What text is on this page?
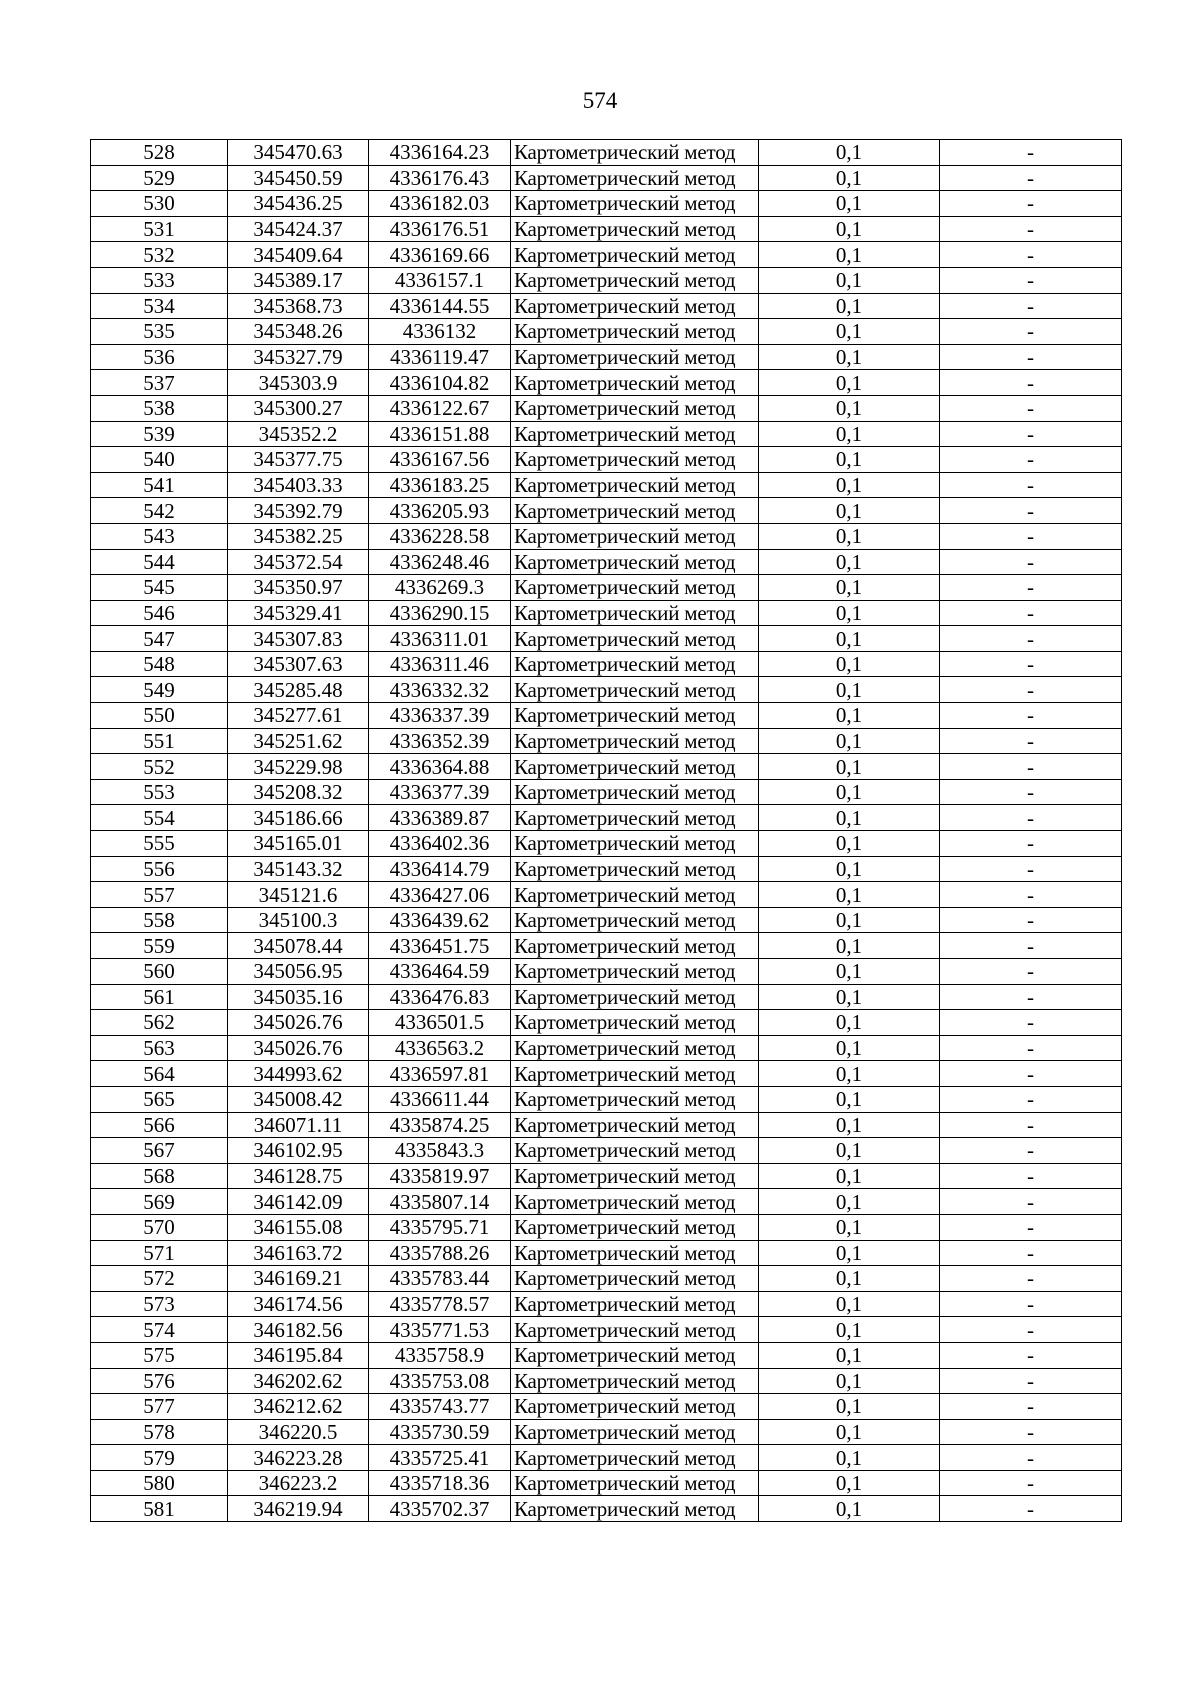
574
528	345470.63	4336164.23	Картометрический метод	0,1	-
529	345450.59	4336176.43	Картометрический метод	0,1	-
530	345436.25	4336182.03	Картометрический метод	0,1	-
531	345424.37	4336176.51	Картометрический метод	0,1	-
532	345409.64	4336169.66	Картометрический метод	0,1	-
533	345389.17	4336157.1	Картометрический метод	0,1	-
534	345368.73	4336144.55	Картометрический метод	0,1	-
535	345348.26	4336132	Картометрический метод	0,1	-
536	345327.79	4336119.47	Картометрический метод	0,1	-
537	345303.9	4336104.82	Картометрический метод	0,1	-
538	345300.27	4336122.67	Картометрический метод	0,1	-
539	345352.2	4336151.88	Картометрический метод	0,1	-
540	345377.75	4336167.56	Картометрический метод	0,1	-
541	345403.33	4336183.25	Картометрический метод	0,1	-
542	345392.79	4336205.93	Картометрический метод	0,1	-
543	345382.25	4336228.58	Картометрический метод	0,1	-
544	345372.54	4336248.46	Картометрический метод	0,1	-
545	345350.97	4336269.3	Картометрический метод	0,1	-
546	345329.41	4336290.15	Картометрический метод	0,1	-
547	345307.83	4336311.01	Картометрический метод	0,1	-
548	345307.63	4336311.46	Картометрический метод	0,1	-
549	345285.48	4336332.32	Картометрический метод	0,1	-
550	345277.61	4336337.39	Картометрический метод	0,1	-
551	345251.62	4336352.39	Картометрический метод	0,1	-
552	345229.98	4336364.88	Картометрический метод	0,1	-
553	345208.32	4336377.39	Картометрический метод	0,1	-
554	345186.66	4336389.87	Картометрический метод	0,1	-
555	345165.01	4336402.36	Картометрический метод	0,1	-
556	345143.32	4336414.79	Картометрический метод	0,1	-
557	345121.6	4336427.06	Картометрический метод	0,1	-
558	345100.3	4336439.62	Картометрический метод	0,1	-
559	345078.44	4336451.75	Картометрический метод	0,1	-
560	345056.95	4336464.59	Картометрический метод	0,1	-
561	345035.16	4336476.83	Картометрический метод	0,1	-
562	345026.76	4336501.5	Картометрический метод	0,1	-
563	345026.76	4336563.2	Картометрический метод	0,1	-
564	344993.62	4336597.81	Картометрический метод	0,1	-
565	345008.42	4336611.44	Картометрический метод	0,1	-
566	346071.11	4335874.25	Картометрический метод	0,1	-
567	346102.95	4335843.3	Картометрический метод	0,1	-
568	346128.75	4335819.97	Картометрический метод	0,1	-
569	346142.09	4335807.14	Картометрический метод	0,1	-
570	346155.08	4335795.71	Картометрический метод	0,1	-
571	346163.72	4335788.26	Картометрический метод	0,1	-
572	346169.21	4335783.44	Картометрический метод	0,1	-
573	346174.56	4335778.57	Картометрический метод	0,1	-
574	346182.56	4335771.53	Картометрический метод	0,1	-
575	346195.84	4335758.9	Картометрический метод	0,1	-
576	346202.62	4335753.08	Картометрический метод	0,1	-
577	346212.62	4335743.77	Картометрический метод	0,1	-
578	346220.5	4335730.59	Картометрический метод	0,1	-
579	346223.28	4335725.41	Картометрический метод	0,1	-
580	346223.2	4335718.36	Картометрический метод	0,1	-
581	346219.94	4335702.37	Картометрический метод	0,1	-
